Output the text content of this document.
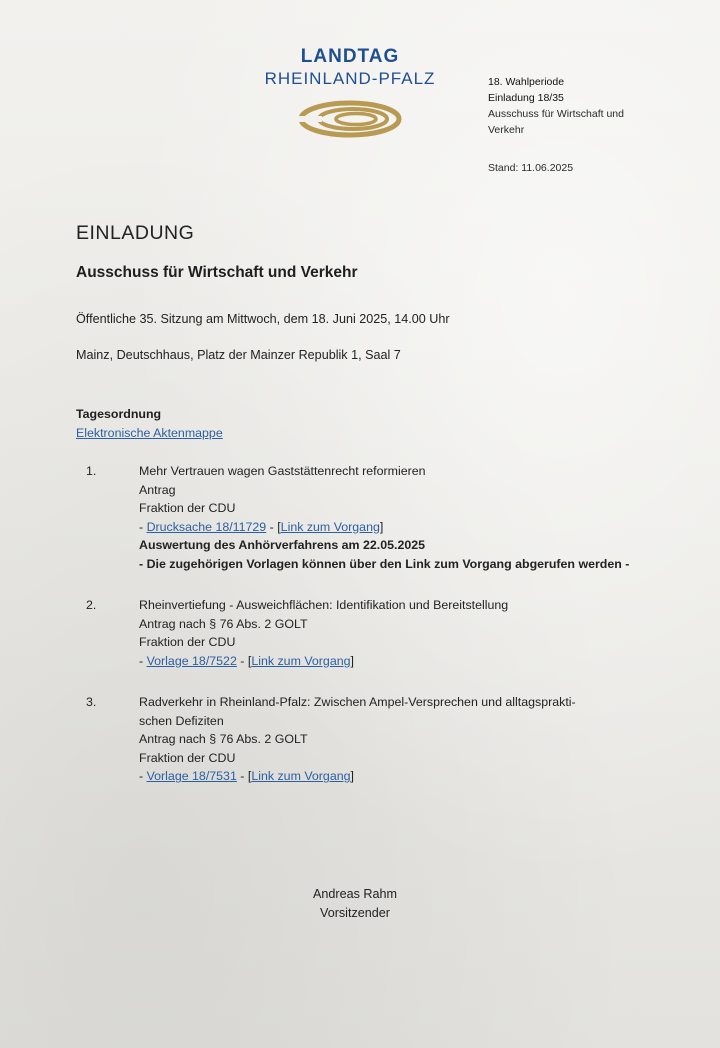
LANDTAG
RHEINLAND-PFALZ	18. Wahlperiode
Einladung 18/35
Ausschuss für Wirtschaft und
Verkehr
Stand: 11.06.2025
EINLADUNG
Ausschuss für Wirtschaft und Verkehr
Öffentliche 35. Sitzung am Mittwoch, dem 18. Juni 2025, 14.00 Uhr
Mainz, Deutschhaus, Platz der Mainzer Republik 1, Saal 7
Tagesordnung
Elektronische Aktenmappe
1.	Mehr Vertrauen wagen Gaststättenrecht reformieren
Antrag
Fraktion der CDU
- Drucksache 18/11729 - [Link zum Vorgang]
Auswertung des Anhörverfahrens am 22.05.2025
- Die zugehörigen Vorlagen können über den Link zum Vorgang abgerufen werden -
2.	Rheinvertiefung - Ausweichflächen: Identifikation und Bereitstellung
Antrag nach § 76 Abs. 2 GOLT
Fraktion der CDU
- Vorlage 18/7522 - [Link zum Vorgang]
3.	Radverkehr in Rheinland-Pfalz: Zwischen Ampel-Versprechen und alltagsprakti-
schen Defiziten
Antrag nach § 76 Abs. 2 GOLT
Fraktion der CDU
- Vorlage 18/7531 - [Link zum Vorgang]
Andreas Rahm
Vorsitzender
